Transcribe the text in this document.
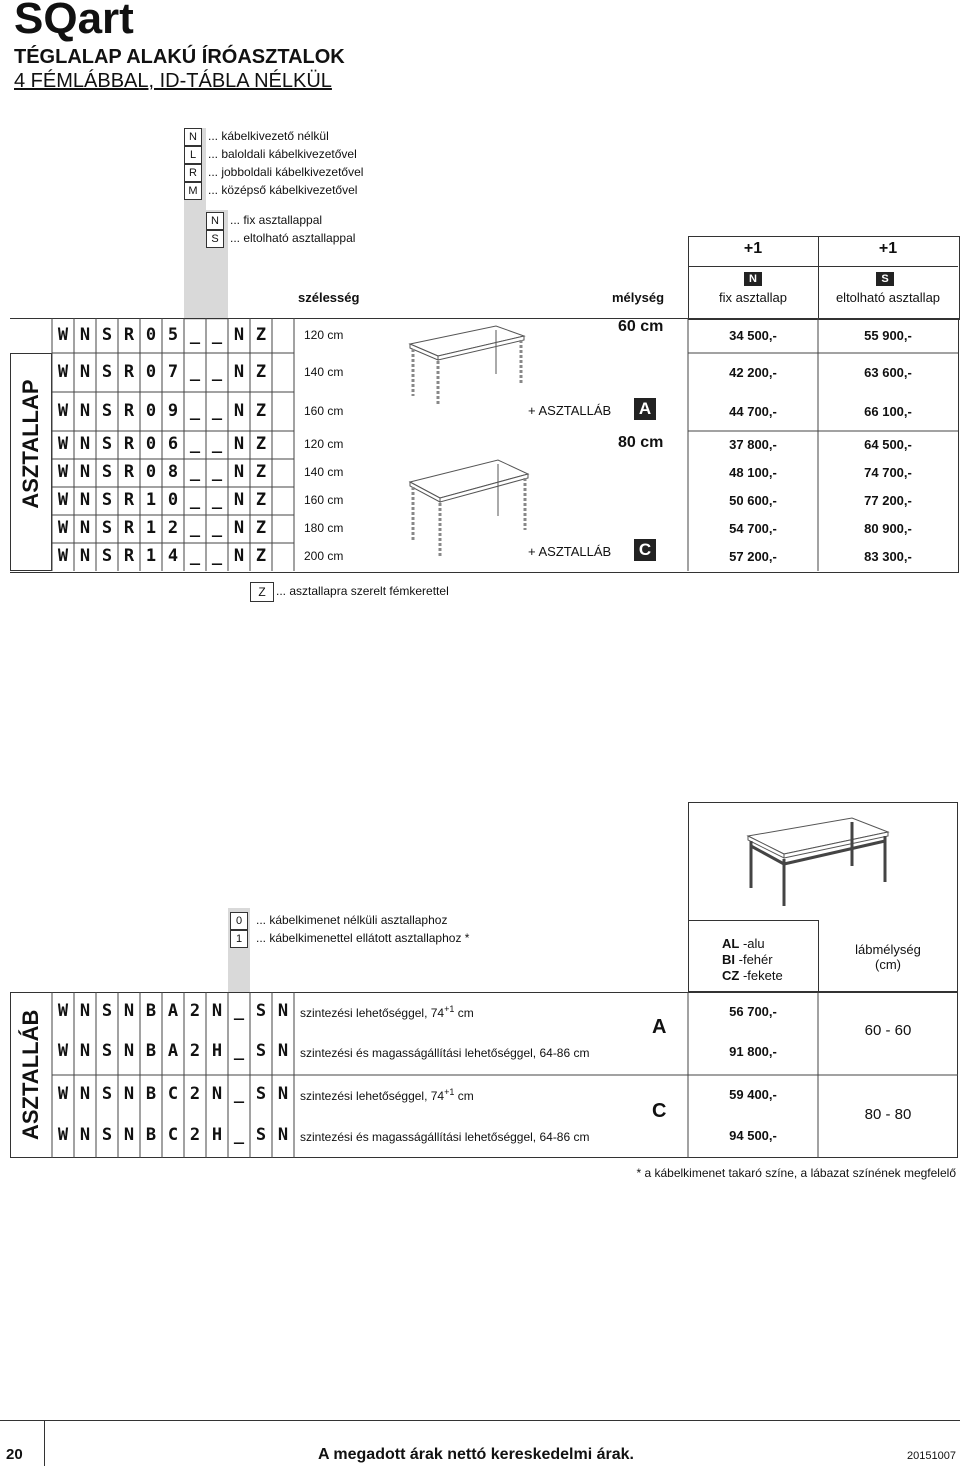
SQart
TÉGLALAP ALAKÚ ÍRÓASZTALOK
4 FÉMLÁBBAL, ID-TÁBLA NÉLKÜL
N ... kábelkivezető nélkül
L ... baloldali kábelkivezetővel
R ... jobboldali kábelkivezetővel
M ... középső kábelkivezetővel
N ... fix asztallappal
S ... eltolható asztallappal
+1	+1
N	S
fix asztallap	eltolható asztallap
szélesség	mélység
ASZTALLAP
W N S R 0 5 _ _ N Z	120 cm	34 500,-	55 900,-
W N S R 0 7 _ _ N Z	140 cm	42 200,-	63 600,-
W N S R 0 9 _ _ N Z	160 cm	44 700,-	66 100,-
W N S R 0 6 _ _ N Z	120 cm	37 800,-	64 500,-
W N S R 0 8 _ _ N Z	140 cm	48 100,-	74 700,-
W N S R 1 0 _ _ N Z	160 cm	50 600,-	77 200,-
W N S R 1 2 _ _ N Z	180 cm	54 700,-	80 900,-
W N S R 1 4 _ _ N Z	200 cm	57 200,-	83 300,-
60 cm
80 cm
+ ASZTALLÁB A
+ ASZTALLÁB C
Z ... asztallapra szerelt fémkerettel
AL -alu
BI -fehér
CZ -fekete
lábmélység
(cm)
0	... kábelkimenet nélküli asztallaphoz
1	... kábelkimenettel ellátott asztallaphoz *
ASZTALLÁB W N S N B A 2 N _ S N szintezési lehetőséggel, $74^{+1}$ cm	56 700,-
W N S N B A 2 H _ S N szintezési és magasságállítási lehetőséggel, 64-86 cm	91 800,-
W N S N B C 2 N _ S N szintezési lehetőséggel, $74^{+1}$ cm	59 400,-
W N S N B C 2 H _ S N szintezési és magasságállítási lehetőséggel, 64-86 cm	94 500,-
A
C
60 - 60
80 - 80
* a kábelkimenet takaró színe, a lábazat színének megfelelő
20	A megadott árak nettó kereskedelmi árak.	20151007
